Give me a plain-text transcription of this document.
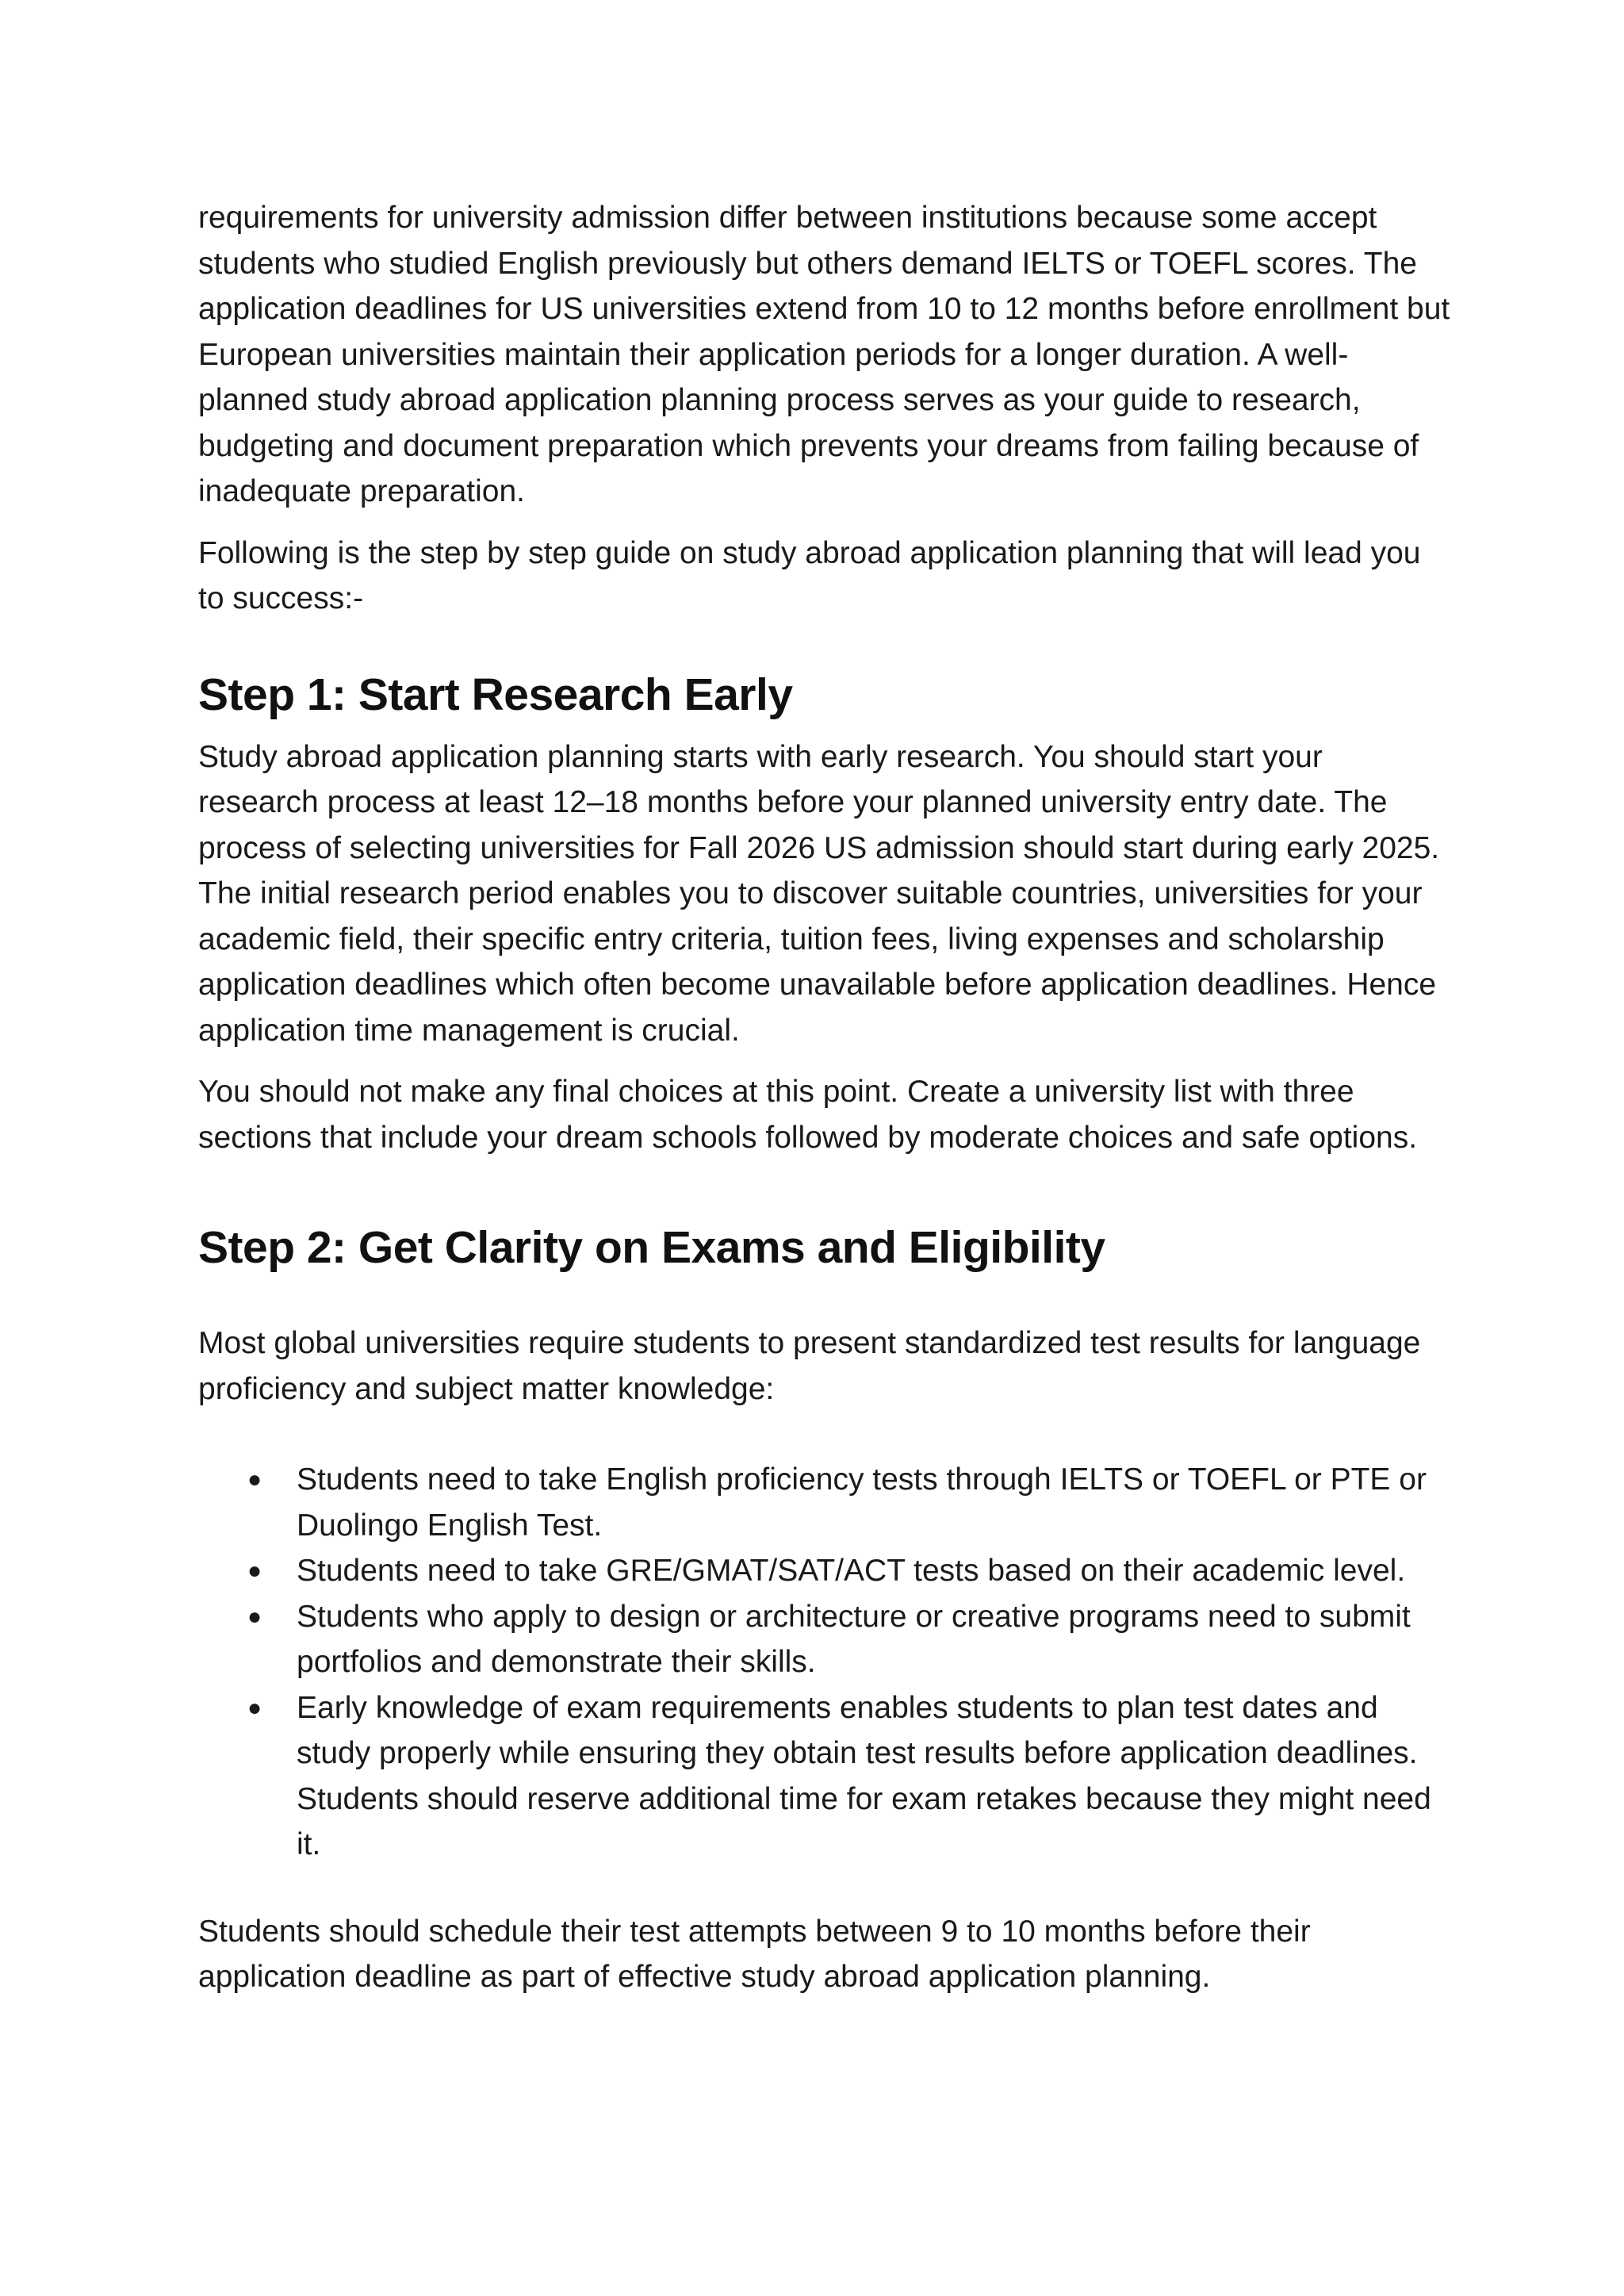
requirements for university admission differ between institutions because some accept students who studied English previously but others demand IELTS or TOEFL scores. The application deadlines for US universities extend from 10 to 12 months before enrollment but European universities maintain their application periods for a longer duration. A well-planned study abroad application planning process serves as your guide to research, budgeting and document preparation which prevents your dreams from failing because of inadequate preparation.

Following is the step by step guide on study abroad application planning that will lead you to success:-

Step 1: Start Research Early

Study abroad application planning starts with early research. You should start your research process at least 12–18 months before your planned university entry date. The process of selecting universities for Fall 2026 US admission should start during early 2025. The initial research period enables you to discover suitable countries, universities for your academic field, their specific entry criteria, tuition fees, living expenses and scholarship application deadlines which often become unavailable before application deadlines. Hence application time management is crucial.

You should not make any final choices at this point. Create a university list with three sections that include your dream schools followed by moderate choices and safe options.

Step 2: Get Clarity on Exams and Eligibility

Most global universities require students to present standardized test results for language proficiency and subject matter knowledge:

● Students need to take English proficiency tests through IELTS or TOEFL or PTE or Duolingo English Test.
● Students need to take GRE/GMAT/SAT/ACT tests based on their academic level.
● Students who apply to design or architecture or creative programs need to submit portfolios and demonstrate their skills.
● Early knowledge of exam requirements enables students to plan test dates and study properly while ensuring they obtain test results before application deadlines. Students should reserve additional time for exam retakes because they might need it.

Students should schedule their test attempts between 9 to 10 months before their application deadline as part of effective study abroad application planning.
